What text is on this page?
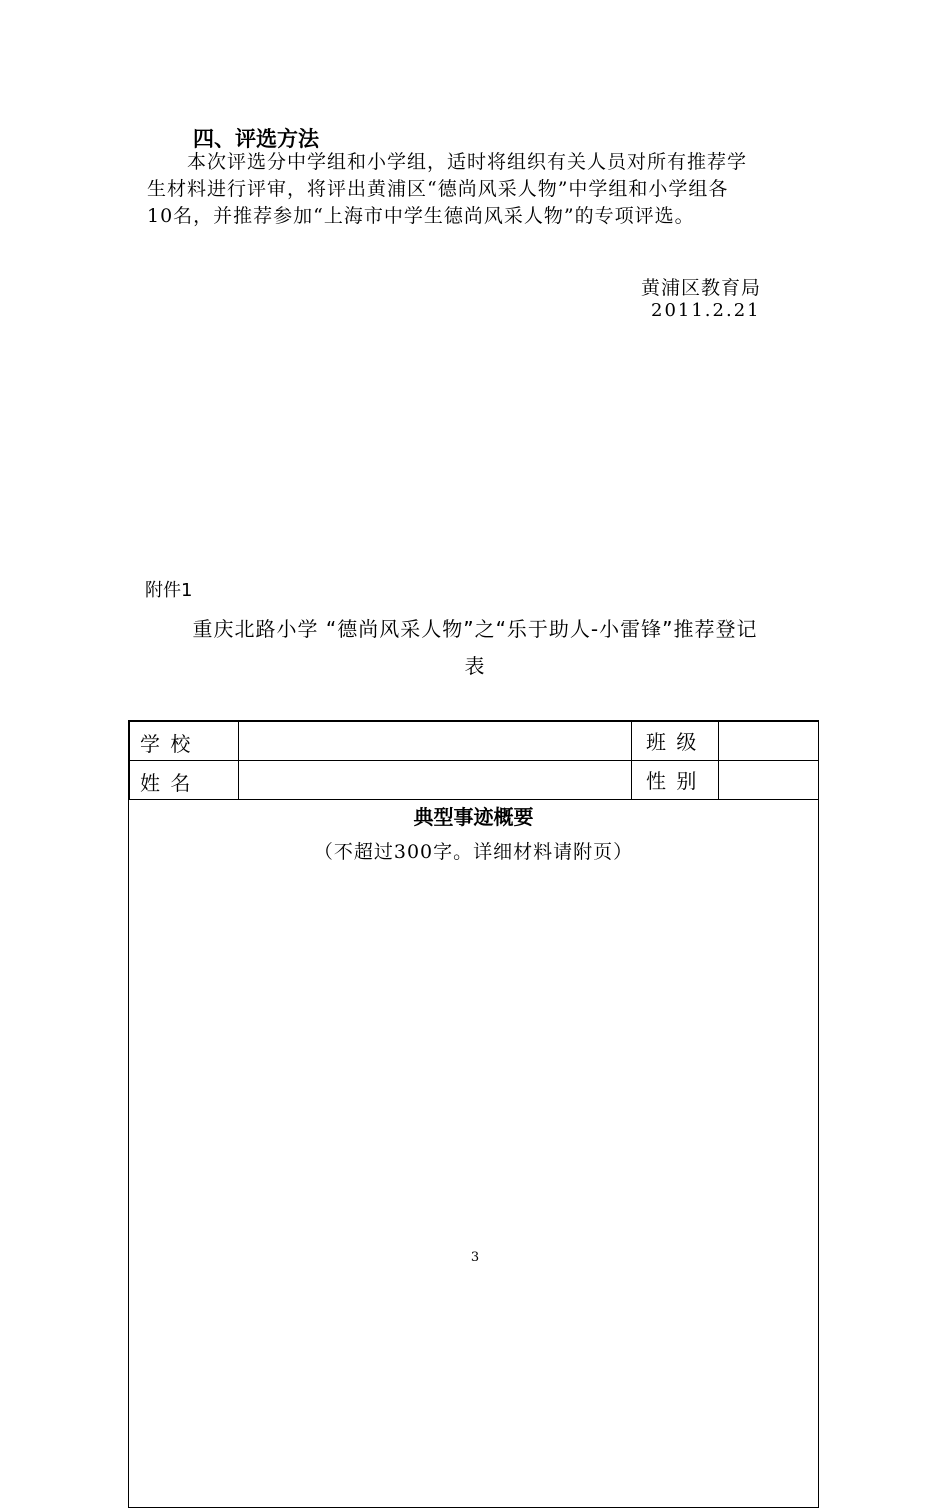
四、评选方法
本次评选分中学组和小学组，适时将组织有关人员对所有推荐学
生材料进行评审，将评出黄浦区“德尚风采人物”中学组和小学组各
10名，并推荐参加“上海市中学生德尚风采人物”的专项评选。
黄浦区教育局
2011.2.21
附件1
重庆北路小学 “德尚风采人物”之“乐于助人-小雷锋”推荐登记
表
学 校	班 级
姓 名	性 别
典型事迹概要
（不超过300字。详细材料请附页）
3
